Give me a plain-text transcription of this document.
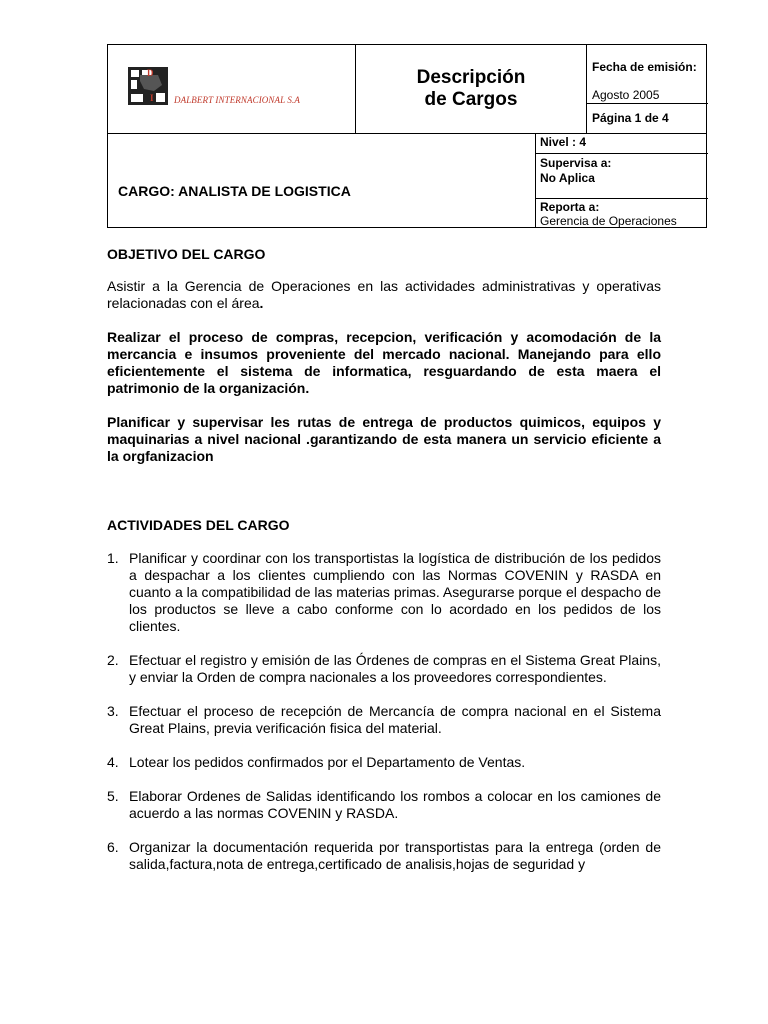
D
I DALBERT INTERNACIONAL S.A
Descripción
de Cargos
Fecha de emisión:
Agosto 2005
Página 1 de 4
CARGO: ANALISTA DE LOGISTICA
Nivel : 4
Supervisa a:
No Aplica
Reporta a:
Gerencia de Operaciones
OBJETIVO DEL CARGO

Asistir a la Gerencia de Operaciones en las actividades administrativas y operativas relacionadas con el área.

Realizar el proceso de compras, recepcion, verificación y acomodación de la mercancia e insumos proveniente del mercado nacional. Manejando para ello eficientemente el sistema de informatica, resguardando de esta maera el patrimonio de la organización.

Planificar y supervisar les rutas de entrega de productos quimicos, equipos y maquinarias a nivel nacional .garantizando de esta manera un servicio eficiente a la orgfanizacion

ACTIVIDADES DEL CARGO
1. Planificar y coordinar con los transportistas la logística de distribución de los pedidos a despachar a los clientes cumpliendo con las Normas COVENIN y RASDA en cuanto a la compatibilidad de las materias primas. Asegurarse porque el despacho de los productos se lleve a cabo conforme con lo acordado en los pedidos de los clientes.
2. Efectuar el registro y emisión de las Órdenes de compras en el Sistema Great Plains, y enviar la Orden de compra nacionales a los proveedores correspondientes.
3. Efectuar el proceso de recepción de Mercancía de compra nacional en el Sistema Great Plains, previa verificación fisica del material.
4. Lotear los pedidos confirmados por el Departamento de Ventas.
5. Elaborar Ordenes de Salidas identificando los rombos a colocar en los camiones de acuerdo a las normas COVENIN y RASDA.
6. Organizar la documentación requerida por transportistas para la entrega (orden de salida,factura,nota de entrega,certificado de analisis,hojas de seguridad y
